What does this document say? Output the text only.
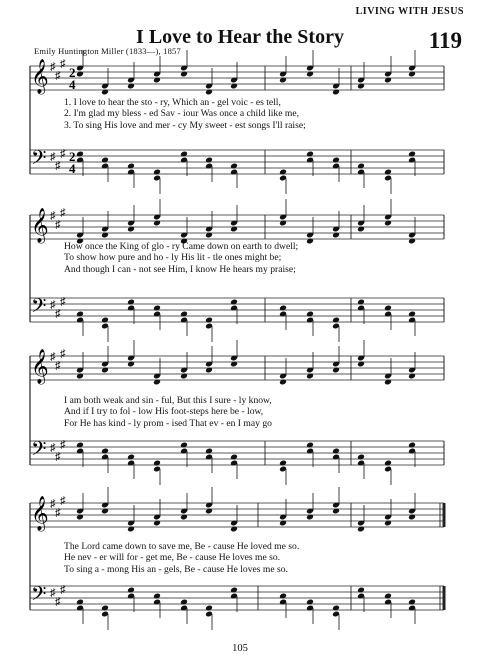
LIVING WITH JESUS
I Love to Hear the Story	119
Emily Huntington Miller (1833—), 1857
𝄞 ♯
♯
♯
2
4
𝄢 ♯
♯
♯ 2
4
𝄞 ♯
♯
♯
𝄢 ♯
♯
♯
𝄞 ♯
♯
♯
𝄢 ♯
♯
♯
𝄞 ♯
♯
♯
𝄢 ♯
♯
♯
1. I love to hear the sto - ry, Which an - gel voic - es tell,
2. I'm glad my bless - ed Sav - iour Was once a child like me,
3. To sing His love and mer - cy My sweet - est songs I'll raise;
How once the King of glo - ry Came down on earth to dwell;
To show how pure and ho - ly His lit - tle ones might be;
And though I can - not see Him, I know He hears my praise;
I am both weak and sin - ful, But this I sure - ly know,
And if I try to fol - low His foot-steps here be - low,
For He has kind - ly prom - ised That ev - en I may go
The Lord came down to save me, Be - cause He loved me so.
He nev - er will for - get me, Be - cause He loves me so.
To sing a - mong His an - gels, Be - cause He loves me so.
105
